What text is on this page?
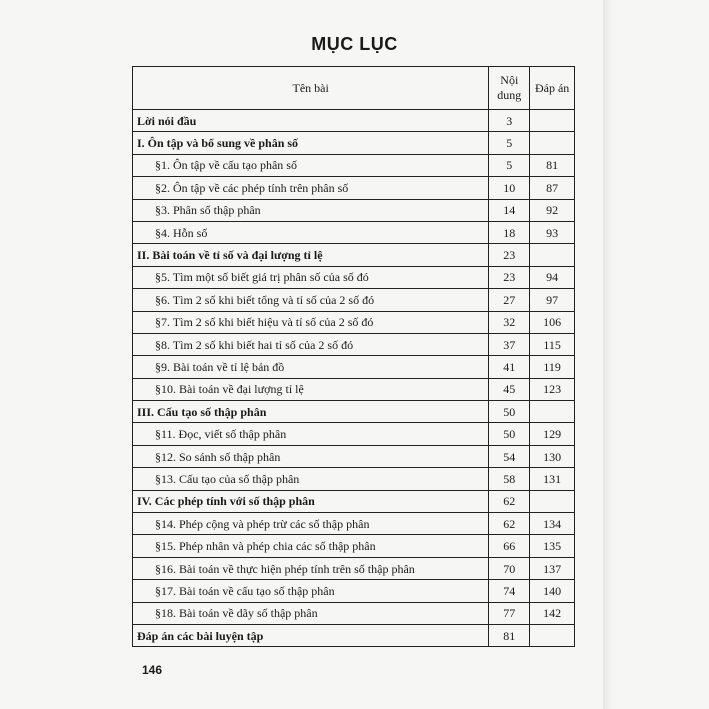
MỤC LỤC
Tên bài	Nội dung	Đáp án
Lời nói đầu	3	
I. Ôn tập và bổ sung về phân số	5	
§1. Ôn tập về cấu tạo phân số	5	81
§2. Ôn tập về các phép tính trên phân số	10	87
§3. Phân số thập phân	14	92
§4. Hỗn số	18	93
II. Bài toán về tỉ số và đại lượng tỉ lệ	23	
§5. Tìm một số biết giá trị phân số của số đó	23	94
§6. Tìm 2 số khi biết tổng và tỉ số của 2 số đó	27	97
§7. Tìm 2 số khi biết hiệu và tỉ số của 2 số đó	32	106
§8. Tìm 2 số khi biết hai tỉ số của 2 số đó	37	115
§9. Bài toán về tỉ lệ bản đồ	41	119
§10. Bài toán về đại lượng tỉ lệ	45	123
III. Cấu tạo số thập phân	50	
§11. Đọc, viết số thập phân	50	129
§12. So sánh số thập phân	54	130
§13. Cấu tạo của số thập phân	58	131
IV. Các phép tính với số thập phân	62	
§14. Phép cộng và phép trừ các số thập phân	62	134
§15. Phép nhân và phép chia các số thập phân	66	135
§16. Bài toán về thực hiện phép tính trên số thập phân	70	137
§17. Bài toán về cấu tạo số thập phân	74	140
§18. Bài toán về dãy số thập phân	77	142
Đáp án các bài luyện tập	81	
146
